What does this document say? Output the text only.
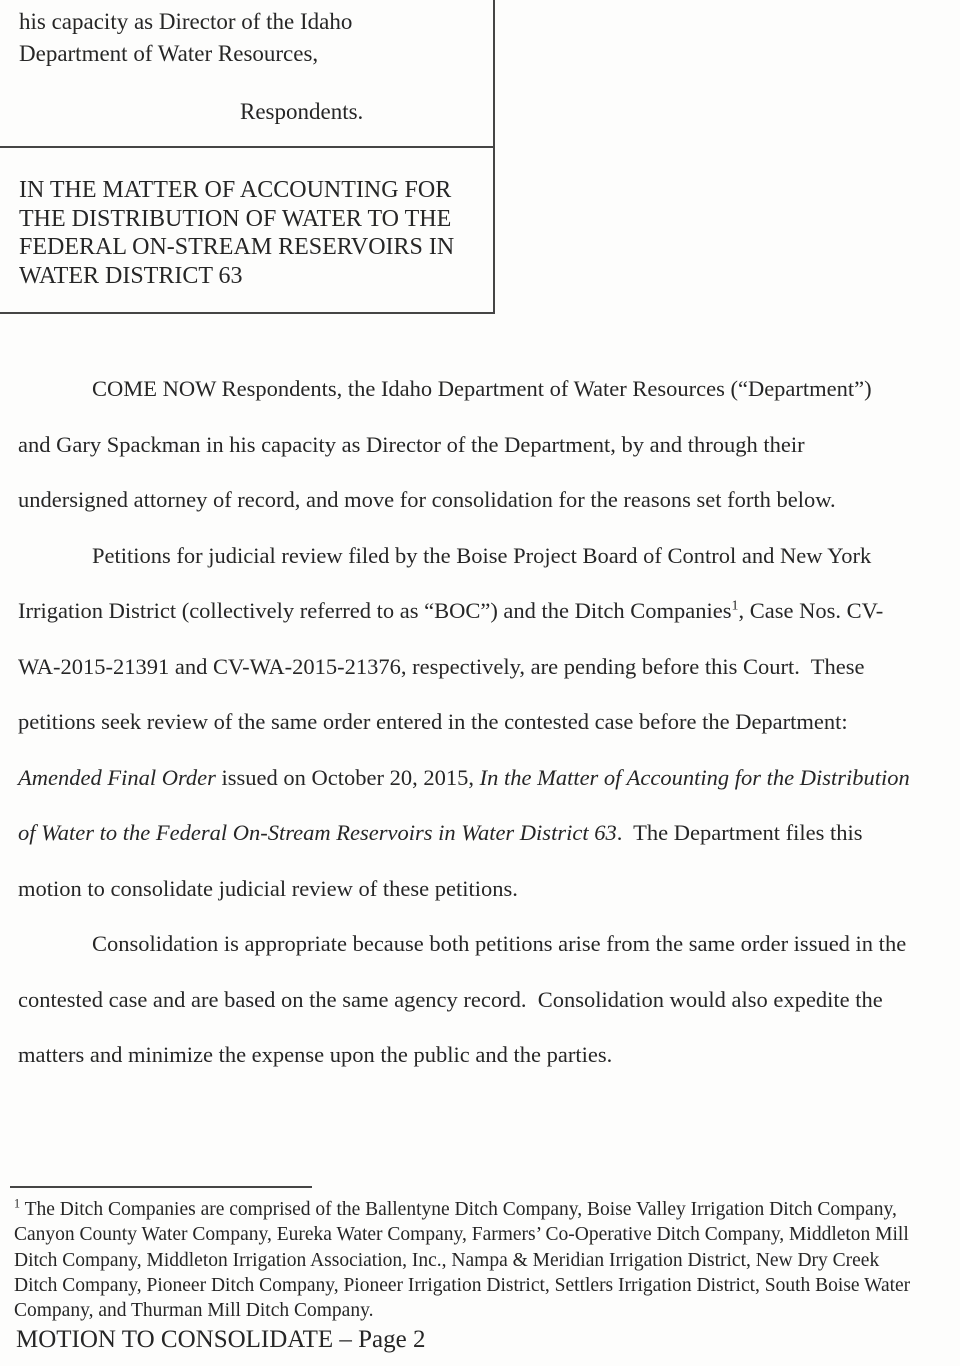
his capacity as Director of the Idaho
Department of Water Resources,
Respondents.
IN THE MATTER OF ACCOUNTING FOR
THE DISTRIBUTION OF WATER TO THE
FEDERAL ON-STREAM RESERVOIRS IN
WATER DISTRICT 63
COME NOW Respondents, the Idaho Department of Water Resources (“Department”)
and Gary Spackman in his capacity as Director of the Department, by and through their
undersigned attorney of record, and move for consolidation for the reasons set forth below.
Petitions for judicial review filed by the Boise Project Board of Control and New York
Irrigation District (collectively referred to as “BOC”) and the Ditch Companies$^1$, Case Nos. CV-
WA-2015-21391 and CV-WA-2015-21376, respectively, are pending before this Court.  These
petitions seek review of the same order entered in the contested case before the Department:
Amended Final Order issued on October 20, 2015, In the Matter of Accounting for the Distribution
of Water to the Federal On-Stream Reservoirs in Water District 63.  The Department files this
motion to consolidate judicial review of these petitions.
Consolidation is appropriate because both petitions arise from the same order issued in the
contested case and are based on the same agency record.  Consolidation would also expedite the
matters and minimize the expense upon the public and the parties.
$^1$ The Ditch Companies are comprised of the Ballentyne Ditch Company, Boise Valley Irrigation Ditch Company,
Canyon County Water Company, Eureka Water Company, Farmers’ Co-Operative Ditch Company, Middleton Mill
Ditch Company, Middleton Irrigation Association, Inc., Nampa & Meridian Irrigation District, New Dry Creek
Ditch Company, Pioneer Ditch Company, Pioneer Irrigation District, Settlers Irrigation District, South Boise Water
Company, and Thurman Mill Ditch Company.
MOTION TO CONSOLIDATE – Page 2
